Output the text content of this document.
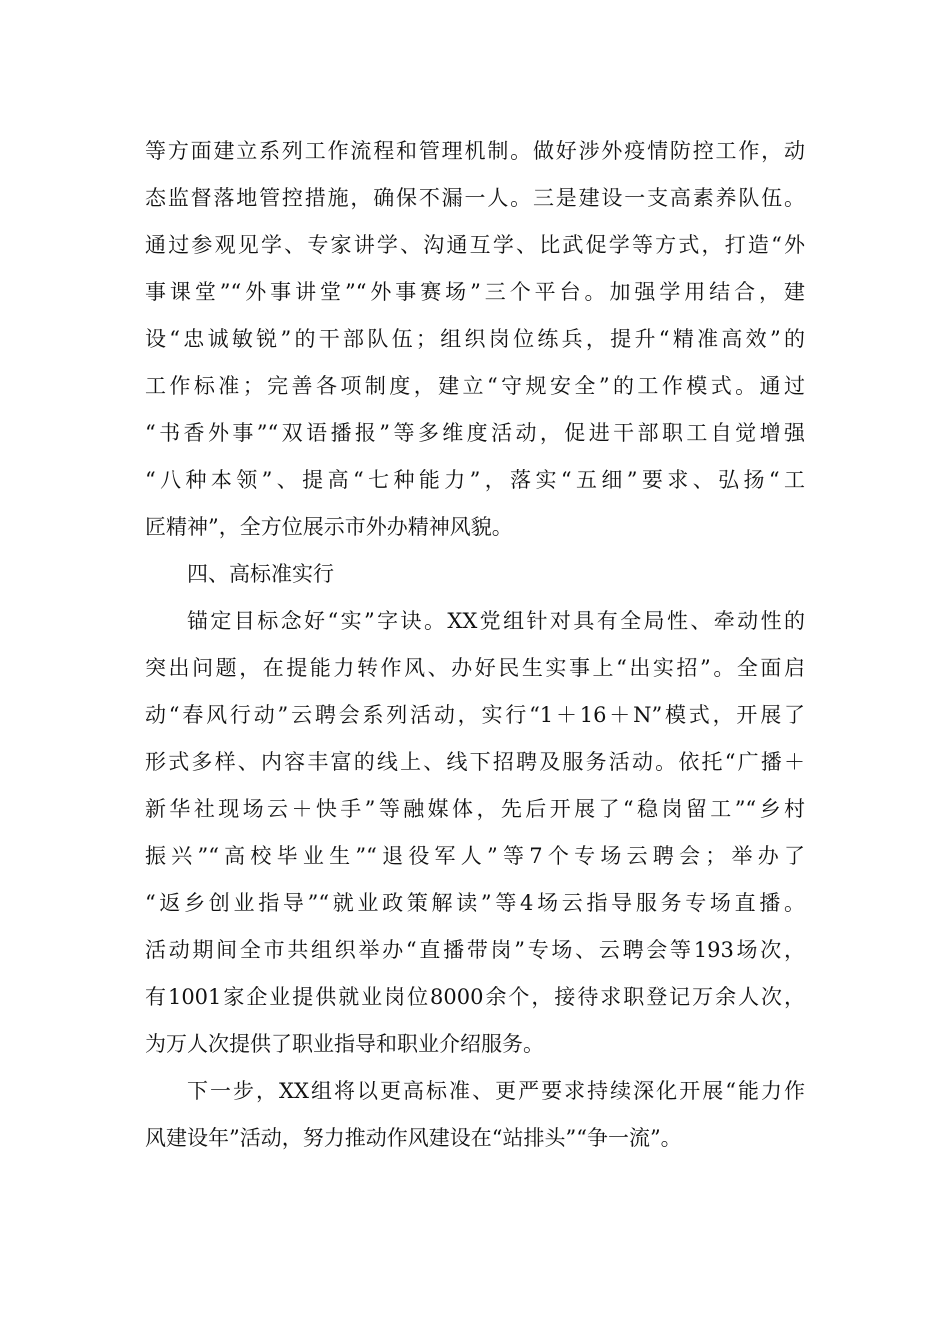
等方面建立系列工作流程和管理机制。做好涉外疫情防控工作，动
态监督落地管控措施，确保不漏一人。三是建设一支高素养队伍。
通过参观见学、专家讲学、沟通互学、比武促学等方式，打造“外
事课堂”“外事讲堂”“外事赛场”三个平台。加强学用结合，建
设“忠诚敏锐”的干部队伍；组织岗位练兵，提升“精准高效”的
工作标准；完善各项制度，建立“守规安全”的工作模式。通过
“书香外事”“双语播报”等多维度活动，促进干部职工自觉增强
“八种本领”、提高“七种能力”，落实“五细”要求、弘扬“工
匠精神”，全方位展示市外办精神风貌。
四、高标准实行
锚定目标念好“实”字诀。XX党组针对具有全局性、牵动性的
突出问题，在提能力转作风、办好民生实事上“出实招”。全面启
动“春风行动”云聘会系列活动，实行“1＋16＋N”模式，开展了
形式多样、内容丰富的线上、线下招聘及服务活动。依托“广播＋
新华社现场云＋快手”等融媒体，先后开展了“稳岗留工”“乡村
振兴”“高校毕业生”“退役军人”等7个专场云聘会；举办了
“返乡创业指导”“就业政策解读”等4场云指导服务专场直播。
活动期间全市共组织举办“直播带岗”专场、云聘会等193场次，
有1001家企业提供就业岗位8000余个，接待求职登记万余人次，
为万人次提供了职业指导和职业介绍服务。
下一步，XX组将以更高标准、更严要求持续深化开展“能力作
风建设年”活动，努力推动作风建设在“站排头”“争一流”。
